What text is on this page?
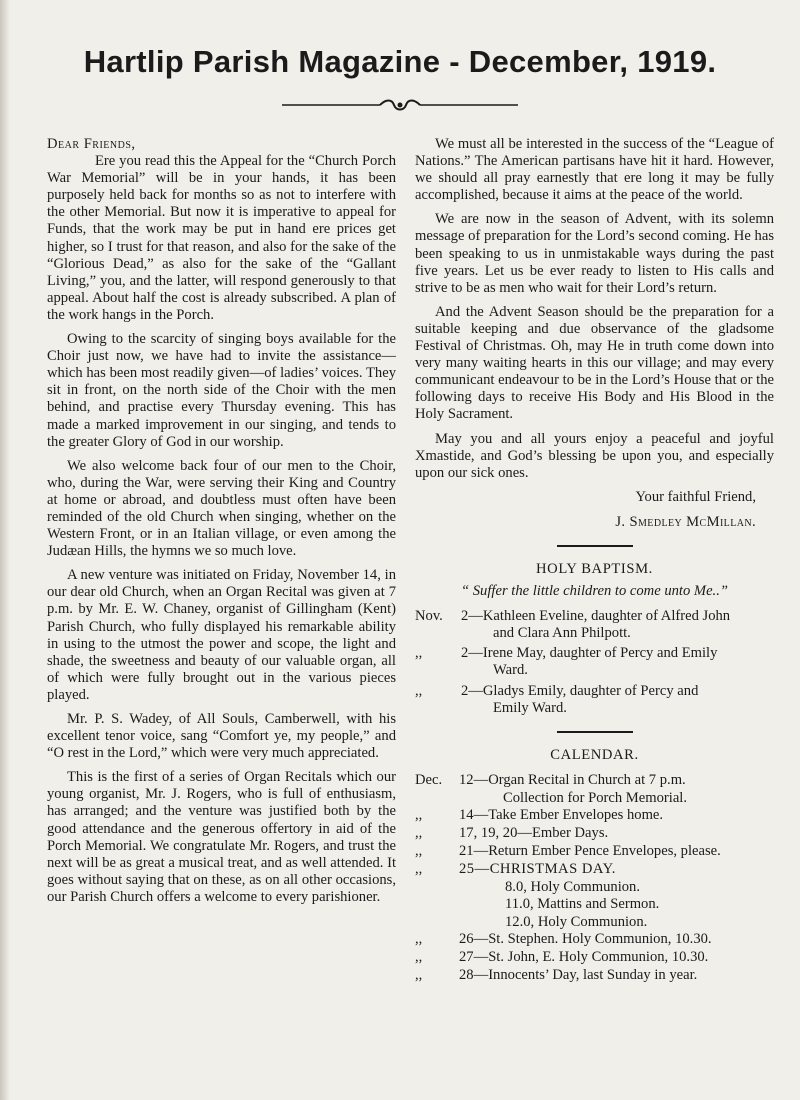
Hartlip Parish Magazine - December, 1919.

Dear Friends,

Ere you read this the Appeal for the “Church Porch War Memorial” will be in your hands, it has been purposely held back for months so as not to interfere with the other Memorial. But now it is imperative to appeal for Funds, that the work may be put in hand ere prices get higher, so I trust for that reason, and also for the sake of the “Glorious Dead,” as also for the sake of the “Gallant Living,” you, and the latter, will respond generously to that appeal. About half the cost is already subscribed. A plan of the work hangs in the Porch.

Owing to the scarcity of singing boys available for the Choir just now, we have had to invite the assistance—which has been most readily given—of ladies’ voices. They sit in front, on the north side of the Choir with the men behind, and practise every Thursday evening. This has made a marked improvement in our singing, and tends to the greater Glory of God in our worship.

We also welcome back four of our men to the Choir, who, during the War, were serving their King and Country at home or abroad, and doubtless must often have been reminded of the old Church when singing, whether on the Western Front, or in an Italian village, or even among the Judæan Hills, the hymns we so much love.

A new venture was initiated on Friday, November 14, in our dear old Church, when an Organ Recital was given at 7 p.m. by Mr. E. W. Chaney, organist of Gillingham (Kent) Parish Church, who fully displayed his remarkable ability in using to the utmost the power and scope, the light and shade, the sweetness and beauty of our valuable organ, all of which were fully brought out in the various pieces played.

Mr. P. S. Wadey, of All Souls, Camberwell, with his excellent tenor voice, sang “Comfort ye, my people,” and “O rest in the Lord,” which were very much appreciated.

This is the first of a series of Organ Recitals which our young organist, Mr. J. Rogers, who is full of enthusiasm, has arranged; and the venture was justified both by the good attendance and the generous offertory in aid of the Porch Memorial. We congratulate Mr. Rogers, and trust the next will be as great a musical treat, and as well attended. It goes without saying that on these, as on all other occasions, our Parish Church offers a welcome to every parishioner.

We must all be interested in the success of the “League of Nations.” The American partisans have hit it hard. However, we should all pray earnestly that ere long it may be fully accomplished, because it aims at the peace of the world.

We are now in the season of Advent, with its solemn message of preparation for the Lord’s second coming. He has been speaking to us in unmistakable ways during the past five years. Let us be ever ready to listen to His calls and strive to be as men who wait for their Lord’s return.

And the Advent Season should be the preparation for a suitable keeping and due observance of the gladsome Festival of Christmas. Oh, may He in truth come down into very many waiting hearts in this our village; and may every communicant endeavour to be in the Lord’s House that or the following days to receive His Body and His Blood in the Holy Sacrament.

May you and all yours enjoy a peaceful and joyful Xmastide, and God’s blessing be upon you, and especially upon our sick ones.

Your faithful Friend,
J. Smedley McMillan.
HOLY BAPTISM.
“ Suffer the little children to come unto Me..”
Nov.	2—Kathleen Eveline, daughter of Alfred John
and Clara Ann Philpott.
,,	2—Irene May, daughter of Percy and Emily
Ward.
,,	2—Gladys Emily, daughter of Percy and
Emily Ward.
CALENDAR.
Dec.	12—Organ Recital in Church at 7 p.m.
Collection for Porch Memorial.
,,	14—Take Ember Envelopes home.
,,	17, 19, 20—Ember Days.
,,	21—Return Ember Pence Envelopes, please.
,,	25—CHRISTMAS DAY.
8.0, Holy Communion.
11.0, Mattins and Sermon.
12.0, Holy Communion.
,,	26—St. Stephen. Holy Communion, 10.30.
,,	27—St. John, E. Holy Communion, 10.30.
,,	28—Innocents’ Day, last Sunday in year.
